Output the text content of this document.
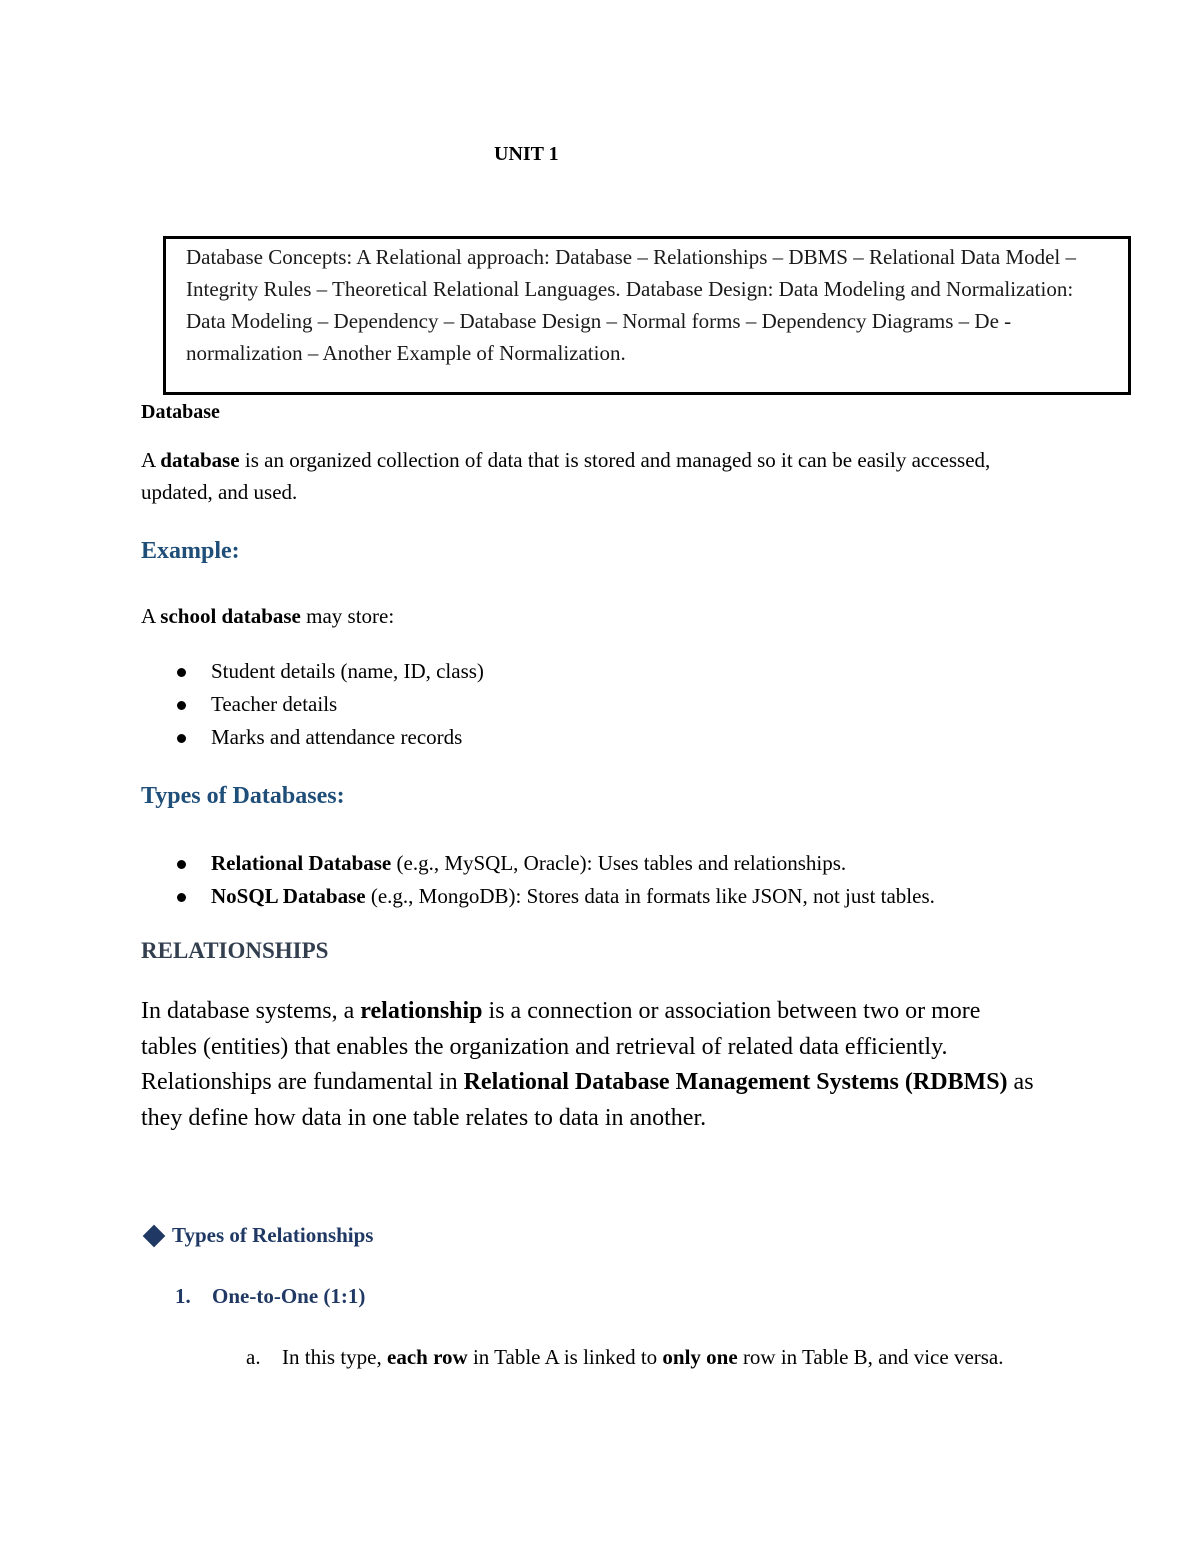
UNIT 1
Database Concepts: A Relational approach: Database – Relationships – DBMS – Relational Data Model – Integrity Rules – Theoretical Relational Languages. Database Design: Data Modeling and Normalization: Data Modeling – Dependency – Database Design – Normal forms – Dependency Diagrams – De -normalization – Another Example of Normalization.
Database
A database is an organized collection of data that is stored and managed so it can be easily accessed, updated, and used.
Example:
A school database may store:
Student details (name, ID, class)
Teacher details
Marks and attendance records
Types of Databases:
Relational Database (e.g., MySQL, Oracle): Uses tables and relationships.
NoSQL Database (e.g., MongoDB): Stores data in formats like JSON, not just tables.
RELATIONSHIPS
In database systems, a relationship is a connection or association between two or more tables (entities) that enables the organization and retrieval of related data efficiently. Relationships are fundamental in Relational Database Management Systems (RDBMS) as they define how data in one table relates to data in another.
Types of Relationships
1. One-to-One (1:1)
a. In this type, each row in Table A is linked to only one row in Table B, and vice versa.
